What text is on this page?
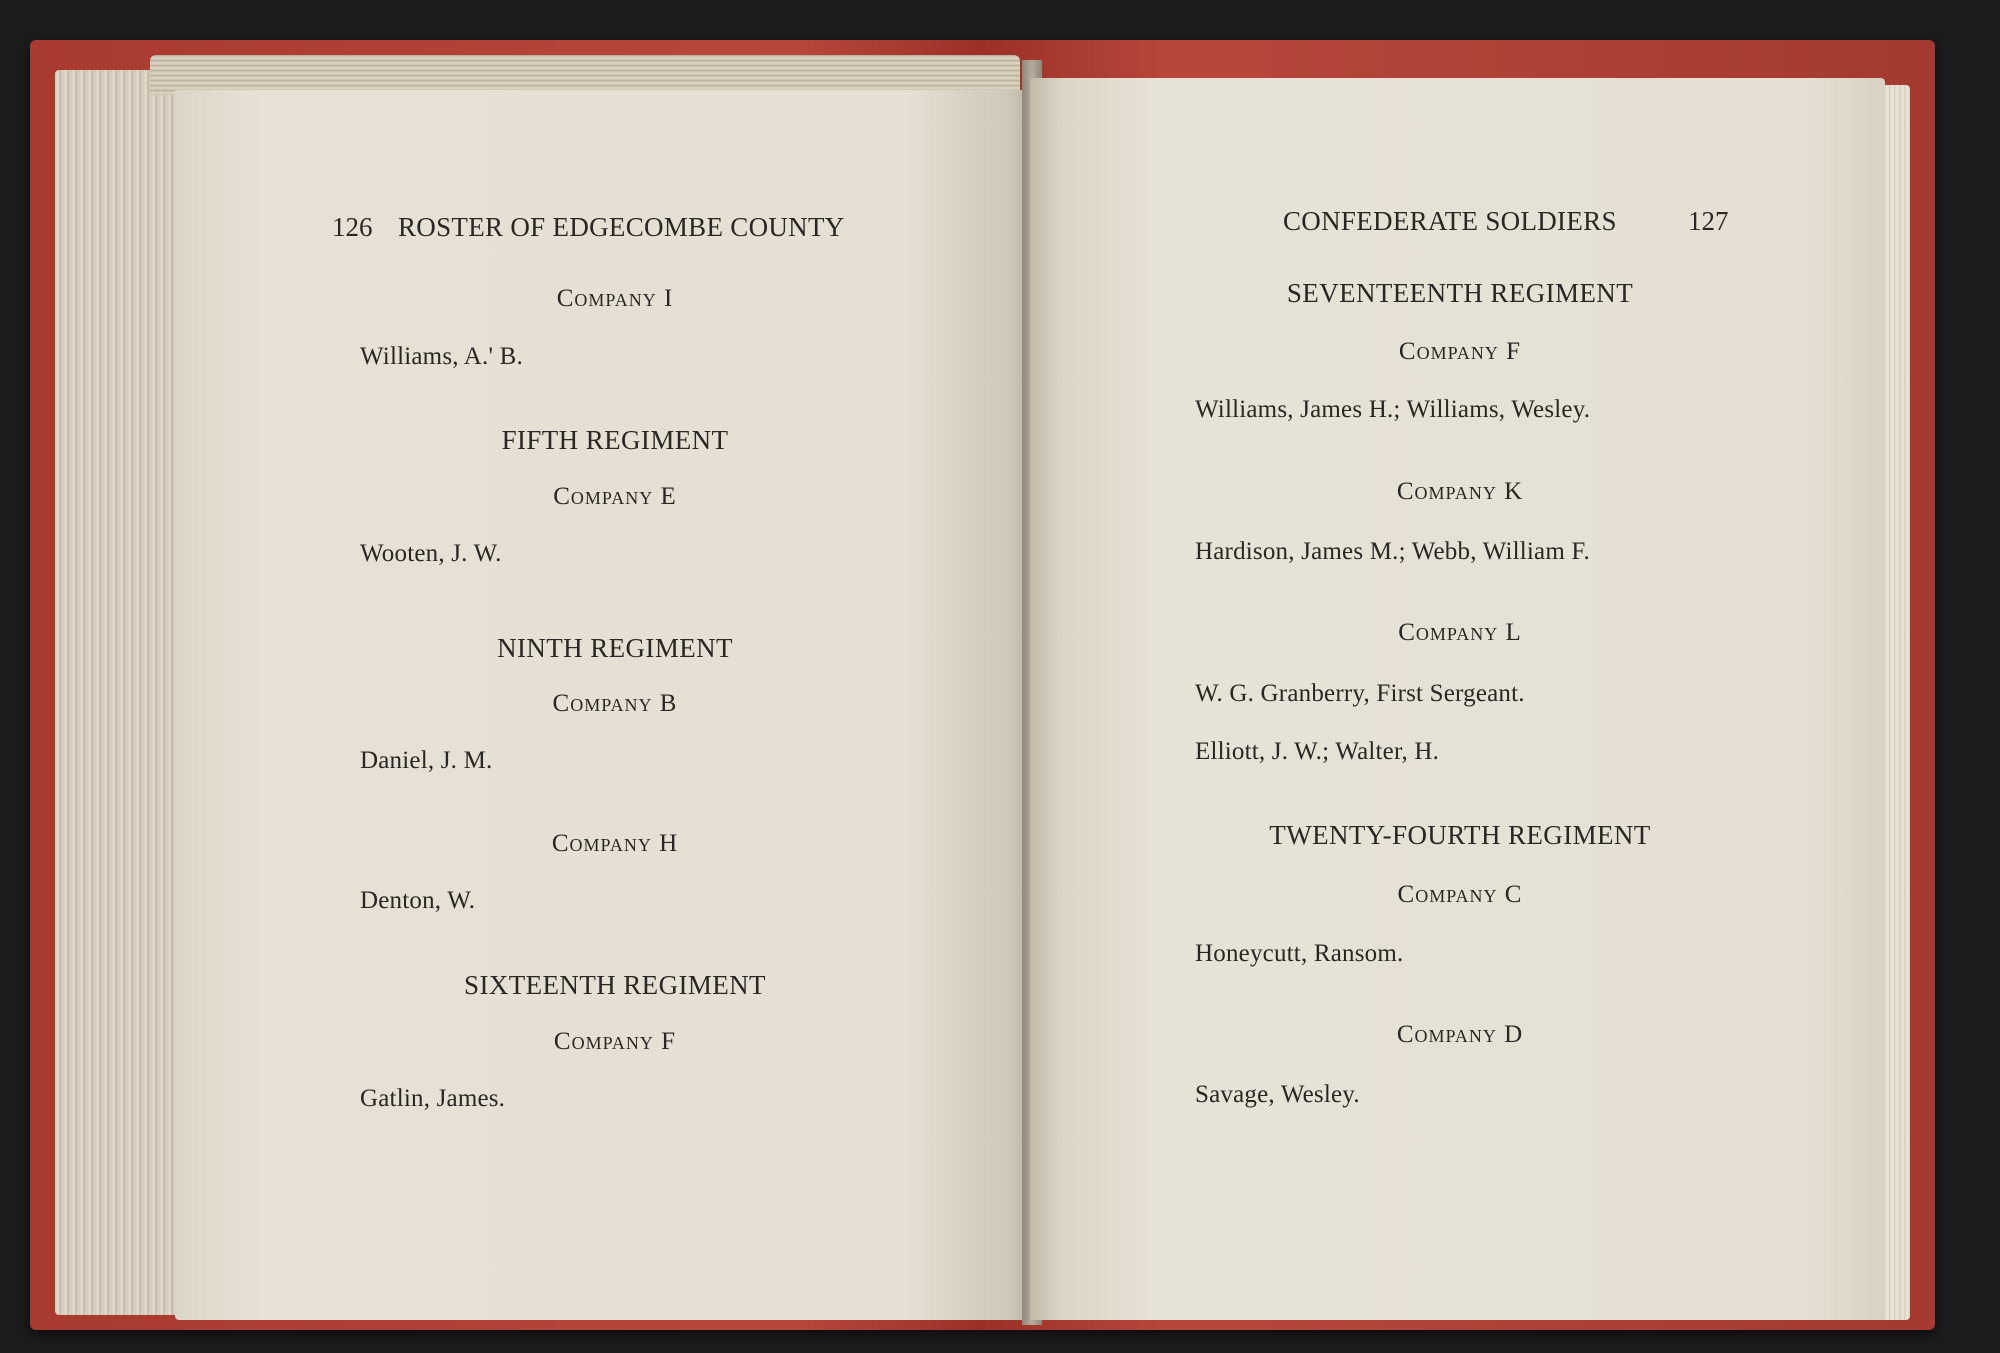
126 ROSTER OF EDGECOMBE COUNTY
Company I
Williams, A.' B.
FIFTH REGIMENT
Company E
Wooten, J. W.
NINTH REGIMENT
Company B
Daniel, J. M.
Company H
Denton, W.
SIXTEENTH REGIMENT
Company F
Gatlin, James.
CONFEDERATE SOLDIERS	127
SEVENTEENTH REGIMENT
Company F
Williams, James H.; Williams, Wesley.
Company K
Hardison, James M.; Webb, William F.
Company L
W. G. Granberry, First Sergeant.
Elliott, J. W.; Walter, H.
TWENTY-FOURTH REGIMENT
Company C
Honeycutt, Ransom.
Company D
Savage, Wesley.
